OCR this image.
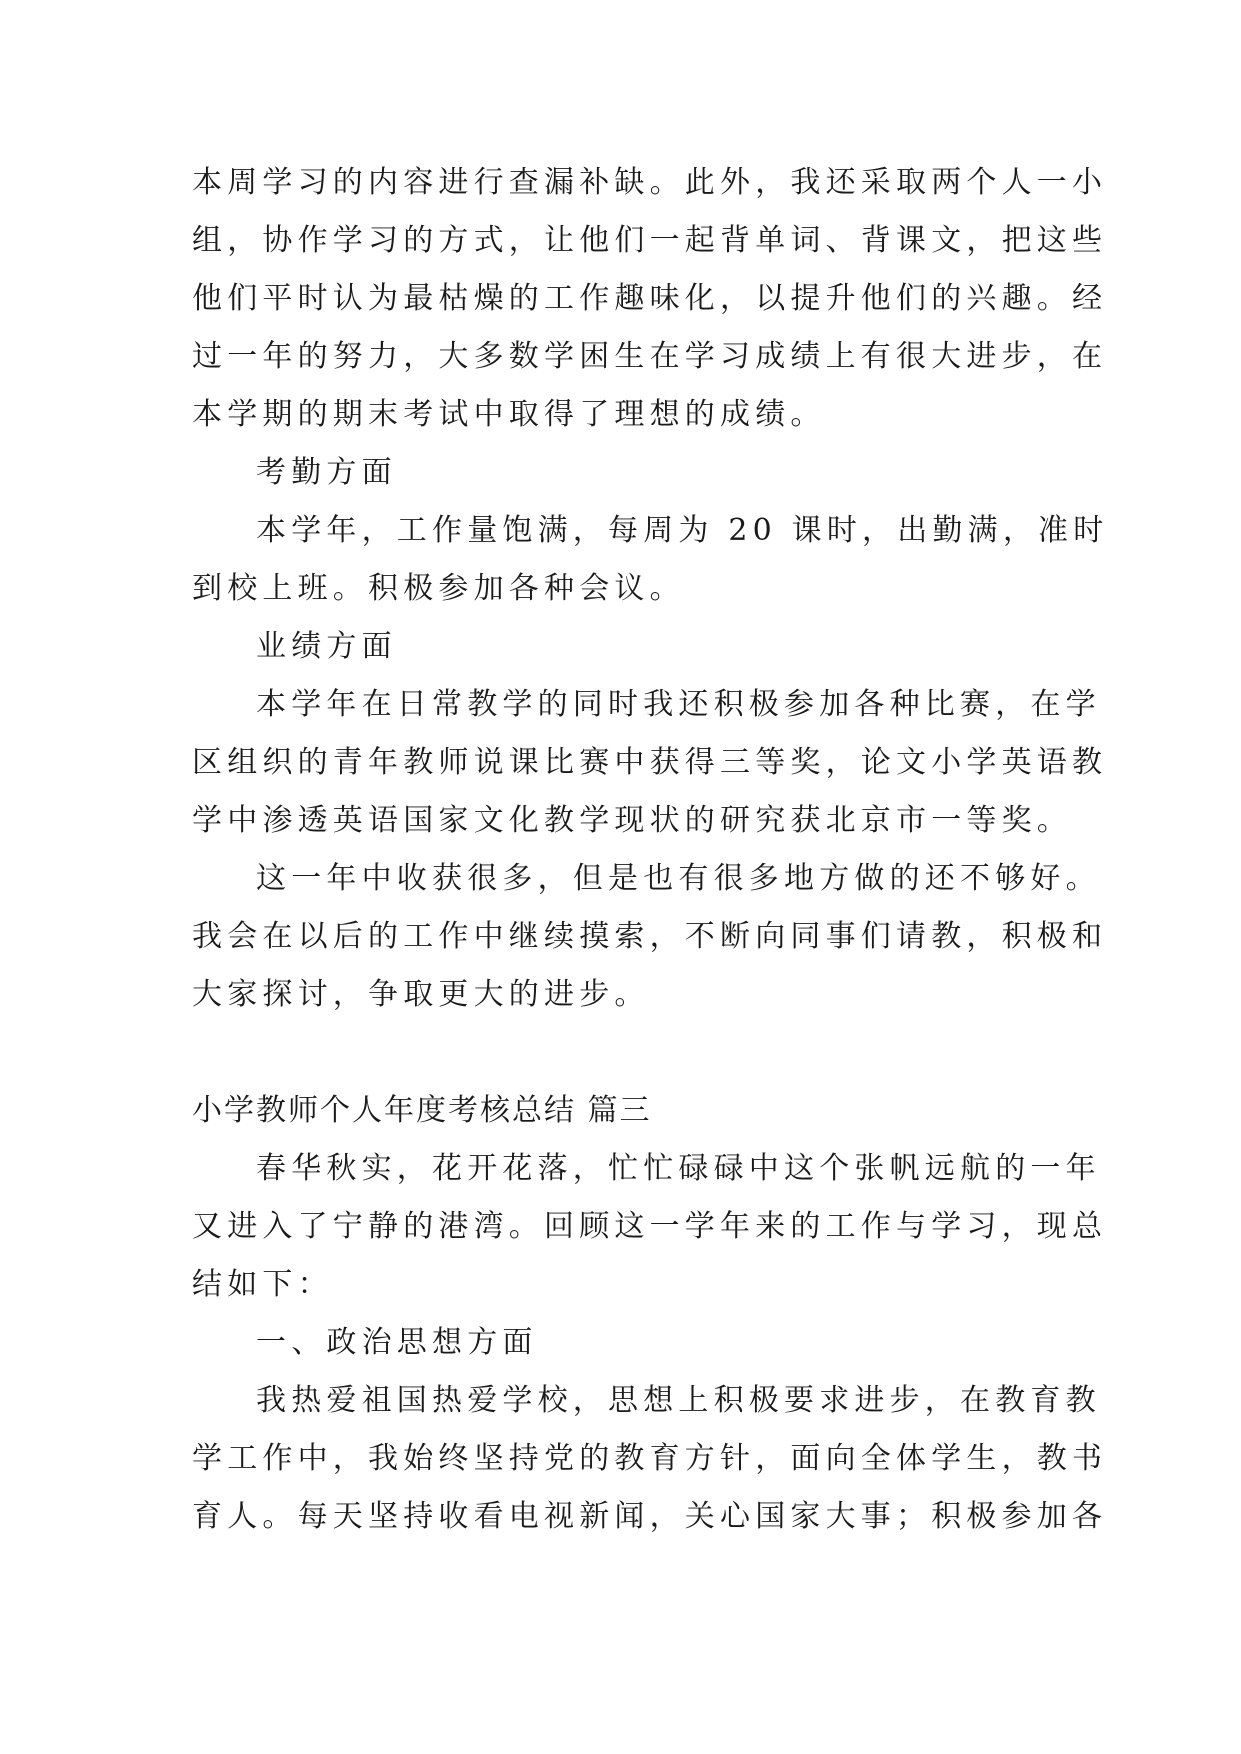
本周学习的内容进行查漏补缺。此外，我还采取两个人一小

组，协作学习的方式，让他们一起背单词、背课文，把这些

他们平时认为最枯燥的工作趣味化，以提升他们的兴趣。经

过一年的努力，大多数学困生在学习成绩上有很大进步，在

本学期的期末考试中取得了理想的成绩。

考勤方面

本学年，工作量饱满，每周为 20 课时，出勤满，准时

到校上班。积极参加各种会议。

业绩方面

本学年在日常教学的同时我还积极参加各种比赛，在学

区组织的青年教师说课比赛中获得三等奖，论文小学英语教

学中渗透英语国家文化教学现状的研究获北京市一等奖。

这一年中收获很多，但是也有很多地方做的还不够好。

我会在以后的工作中继续摸索，不断向同事们请教，积极和

大家探讨，争取更大的进步。

小学教师个人年度考核总结 篇三

春华秋实，花开花落，忙忙碌碌中这个张帆远航的一年

又进入了宁静的港湾。回顾这一学年来的工作与学习，现总

结如下：

一、政治思想方面

我热爱祖国热爱学校，思想上积极要求进步，在教育教

学工作中，我始终坚持党的教育方针，面向全体学生，教书

育人。每天坚持收看电视新闻，关心国家大事；积极参加各
